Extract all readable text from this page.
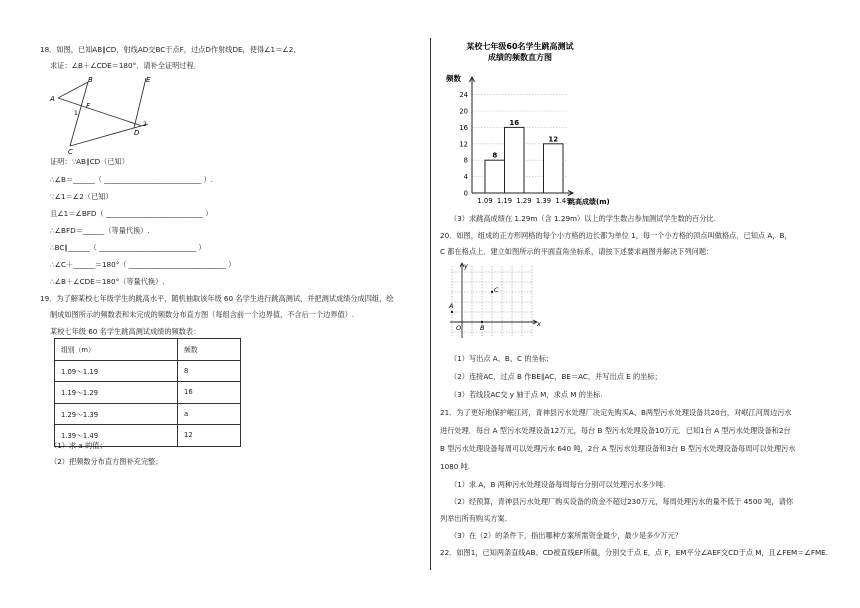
18．如图，已知AB∥CD，射线AD交BC于点F，过点D作射线DE，使得∠1＝∠2．
求证：∠B＋∠CDE＝180°．请补全证明过程．
A
B
C
D
E
F
1
2
证明：∵AB∥CD（已知）
∴∠B＝______（ ___________________________ ）.
∵∠1＝∠2（已知）
且∠1＝∠BFD（ ___________________________ ）
∴∠BFD＝______（等量代换）.
∴BC∥______（ ___________________________ ）
∴∠C＋______＝180°（ ___________________________ ）
∴∠B＋∠CDE＝180°（等量代换）.
19．为了解某校七年级学生的跳高水平，随机抽取该年级 60 名学生进行跳高测试，并把测试成绩分成四组，绘
制成如图所示的频数表和未完成的频数分布直方图（每组含前一个边界值，不含后一个边界值）.
某校七年级 60 名学生跳高测试成绩的频数表：
组别（m）	频数
1.09～1.19	8
1.19～1.29	16
1.29～1.39	a
1.39～1.49	12
（1）求 a 的值；
（2）把频数分布直方图补充完整；
某校七年级60名学生跳高测试
成绩的频数直方图
频数
跳高成绩(m)
8
16
12
0
4
8
12
16
20
24
1.09 1.19 1.29 1.39 1.49
（3）求跳高成绩在 1.29m（含 1.29m）以上的学生数占参加测试学生数的百分比.
20．如图，组成的正方形网格的每个小方格的边长都为单位 1，每一个小方格的顶点叫做格点．已知点 A，B，
C 都在格点上．建立如图所示的平面直角坐标系，请按下述要求画图并解决下列问题：
y
x
O
A
B
C
（1）写出点 A、B、C 的坐标；
（2）连接AC，过点 B 作BE∥AC，BE＝AC，并写出点 E 的坐标；
（3）若线段AC交 y 轴于点 M，求点 M 的坐标.
21．为了更好地保护岷江河，青神县污水处理厂决定先购买A、B两型污水处理设备共20台，对岷江河周边污水
进行处理．每台 A 型污水处理设备12万元，每台 B 型污水处理设备10万元．已知1台 A 型污水处理设备和2台
B 型污水处理设备每周可以处理污水 640 吨，2台 A 型污水处理设备和3台 B 型污水处理设备每周可以处理污水
1080 吨.
（1）求 A，B 两种污水处理设备每周每台分别可以处理污水多少吨.
（2）经预算，青神县污水处理厂购买设备的资金不超过230万元，每周处理污水的量不低于 4500 吨，请你
列举出所有购买方案.
（3）在（2）的条件下，指出哪种方案所需资金最少，最少是多少万元？
22．如图1，已知两条直线AB、CD被直线EF所截，分别交于点 E，点 F，EM平分∠AEF交CD于点 M，且∠FEM＝∠FME.
